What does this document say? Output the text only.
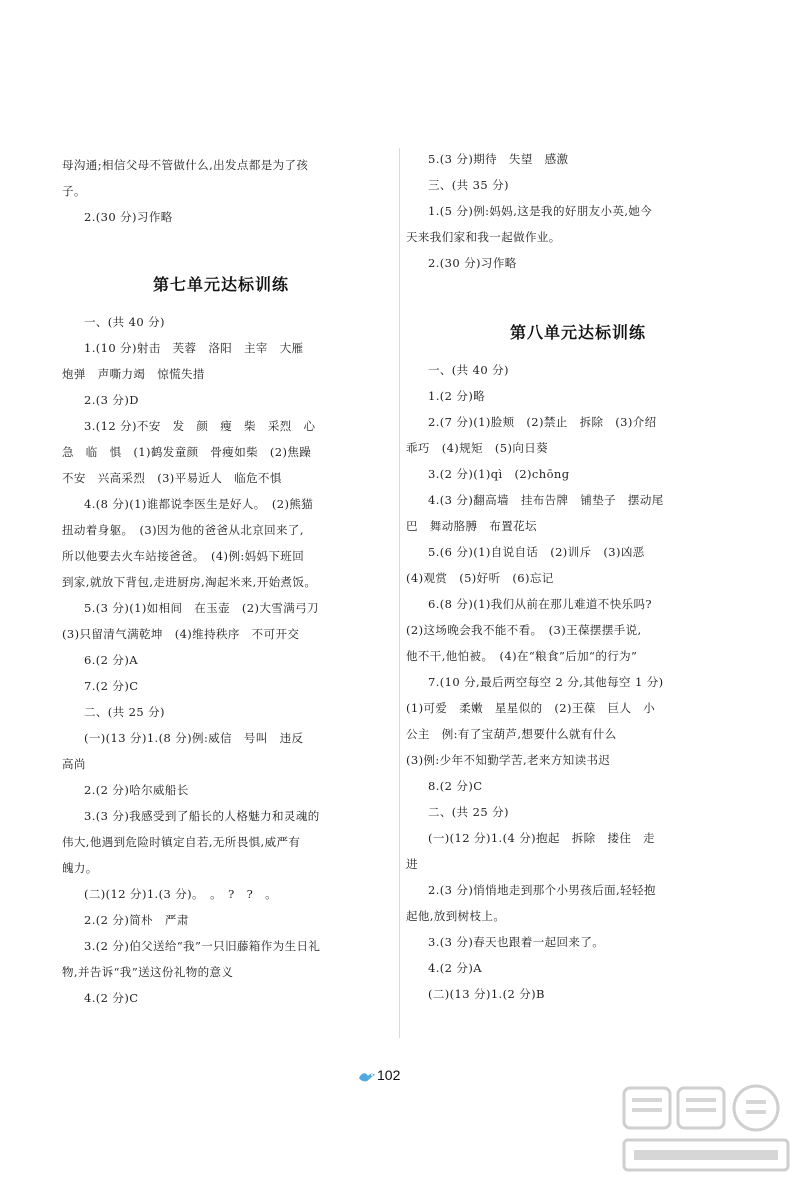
母沟通;相信父母不管做什么,出发点都是为了孩
子。
2.(30 分)习作略
第七单元达标训练
一、(共 40 分)
1.(10 分)射击　芙蓉　洛阳　主宰　大雁
炮弹　声嘶力竭　惊慌失措
2.(3 分)D
3.(12 分)不安　发　颜　瘦　柴　采烈　心
急　临　惧　(1)鹤发童颜　骨瘦如柴　(2)焦躁
不安　兴高采烈　(3)平易近人　临危不惧
4.(8 分)(1)谁都说李医生是好人。　(2)熊猫
扭动着身躯。　(3)因为他的爸爸从北京回来了,
所以他要去火车站接爸爸。　(4)例:妈妈下班回
到家,就放下背包,走进厨房,淘起米来,开始煮饭。
5.(3 分)(1)如相间　在玉壶　(2)大雪满弓刀
(3)只留清气满乾坤　(4)维持秩序　不可开交
6.(2 分)A
7.(2 分)C
二、(共 25 分)
(一)(13 分)1.(8 分)例:威信　号叫　违反
高尚
2.(2 分)哈尔威船长
3.(3 分)我感受到了船长的人格魅力和灵魂的
伟大,他遇到危险时镇定自若,无所畏惧,威严有
魄力。
(二)(12 分)1.(3 分)。　。　?　?　。
2.(2 分)简朴　严肃
3.(2 分)伯父送给“我”一只旧藤箱作为生日礼
物,并告诉“我”送这份礼物的意义
4.(2 分)C
5.(3 分)期待　失望　感激
三、(共 35 分)
1.(5 分)例:妈妈,这是我的好朋友小英,她今
天来我们家和我一起做作业。
2.(30 分)习作略
第八单元达标训练
一、(共 40 分)
1.(2 分)略
2.(7 分)(1)脸颊　(2)禁止　拆除　(3)介绍
乖巧　(4)规矩　(5)向日葵
3.(2 分)(1)qì　(2)chōng
4.(3 分)翻高墙　挂布告牌　铺垫子　摆动尾
巴　舞动胳膊　布置花坛
5.(6 分)(1)自说自话　(2)训斥　(3)凶恶
(4)观赏　(5)好听　(6)忘记
6.(8 分)(1)我们从前在那儿难道不快乐吗?
(2)这场晚会我不能不看。　(3)王葆摆摆手说,
他不干,他怕被。　(4)在“粮食”后加“的行为”
7.(10 分,最后两空每空 2 分,其他每空 1 分)
(1)可爱　柔嫩　星星似的　(2)王葆　巨人　小
公主　例:有了宝葫芦,想要什么就有什么
(3)例:少年不知勤学苦,老来方知读书迟
8.(2 分)C
二、(共 25 分)
(一)(12 分)1.(4 分)抱起　拆除　搂住　走
进
2.(3 分)悄悄地走到那个小男孩后面,轻轻抱
起他,放到树枝上。
3.(3 分)春天也跟着一起回来了。
4.(2 分)A
(二)(13 分)1.(2 分)B
102
